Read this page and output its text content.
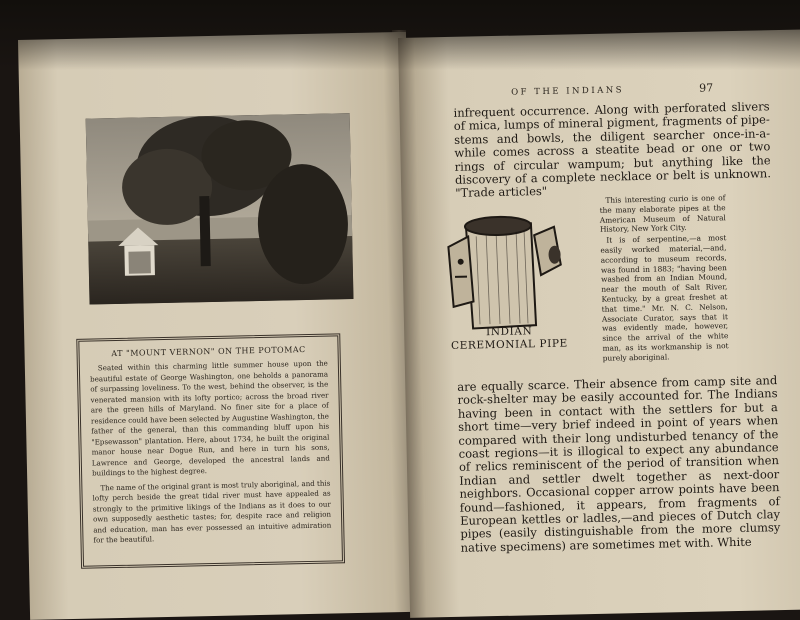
AT "MOUNT VERNON" ON THE POTOMAC

Seated within this charming little summer house upon the beautiful estate of George Washington, one beholds a panorama of surpassing loveliness. To the west, behind the observer, is the venerated mansion with its lofty portico; across the broad river are the green hills of Maryland. No finer site for a place of residence could have been selected by Augustine Washington, the father of the general, than this commanding bluff upon his "Epsewasson" plantation. Here, about 1734, he built the original manor house near Dogue Run, and here in turn his sons, Lawrence and George, developed the ancestral lands and buildings to the highest degree.

The name of the original grant is most truly aboriginal, and this lofty perch beside the great tidal river must have appealed as strongly to the primitive likings of the Indians as it does to our own supposedly aesthetic tastes; for, despite race and religion and education, man has ever possessed an intuitive admiration for the beautiful.

OF THE INDIANS	97
infrequent occurrence. Along with perforated slivers of mica, lumps of mineral pigment, fragments of pipe-stems and bowls, the diligent searcher once-in-a-while comes across a steatite bead or one or two rings of circular wampum; but anything like the discovery of a complete necklace or belt is unknown. "Trade articles"
INDIAN CEREMONIAL PIPE

This interesting curio is one of the many elaborate pipes at the American Museum of Natural History, New York City.

It is of serpentine,—a most easily worked material,—and, according to museum records, was found in 1883; "having been washed from an Indian Mound, near the mouth of Salt River, Kentucky, by a great freshet at that time." Mr. N. C. Nelson, Associate Curator, says that it was evidently made, however, since the arrival of the white man, as its workmanship is not purely aboriginal.

are equally scarce. Their absence from camp site and rock-shelter may be easily accounted for. The Indians having been in contact with the settlers for but a short time—very brief indeed in point of years when compared with their long undisturbed tenancy of the coast regions—it is illogical to expect any abundance of relics reminiscent of the period of transition when Indian and settler dwelt together as next-door neighbors. Occasional copper arrow points have been found—fashioned, it appears, from fragments of European kettles or ladles,—and pieces of Dutch clay pipes (easily distinguishable from the more clumsy native specimens) are sometimes met with. White
